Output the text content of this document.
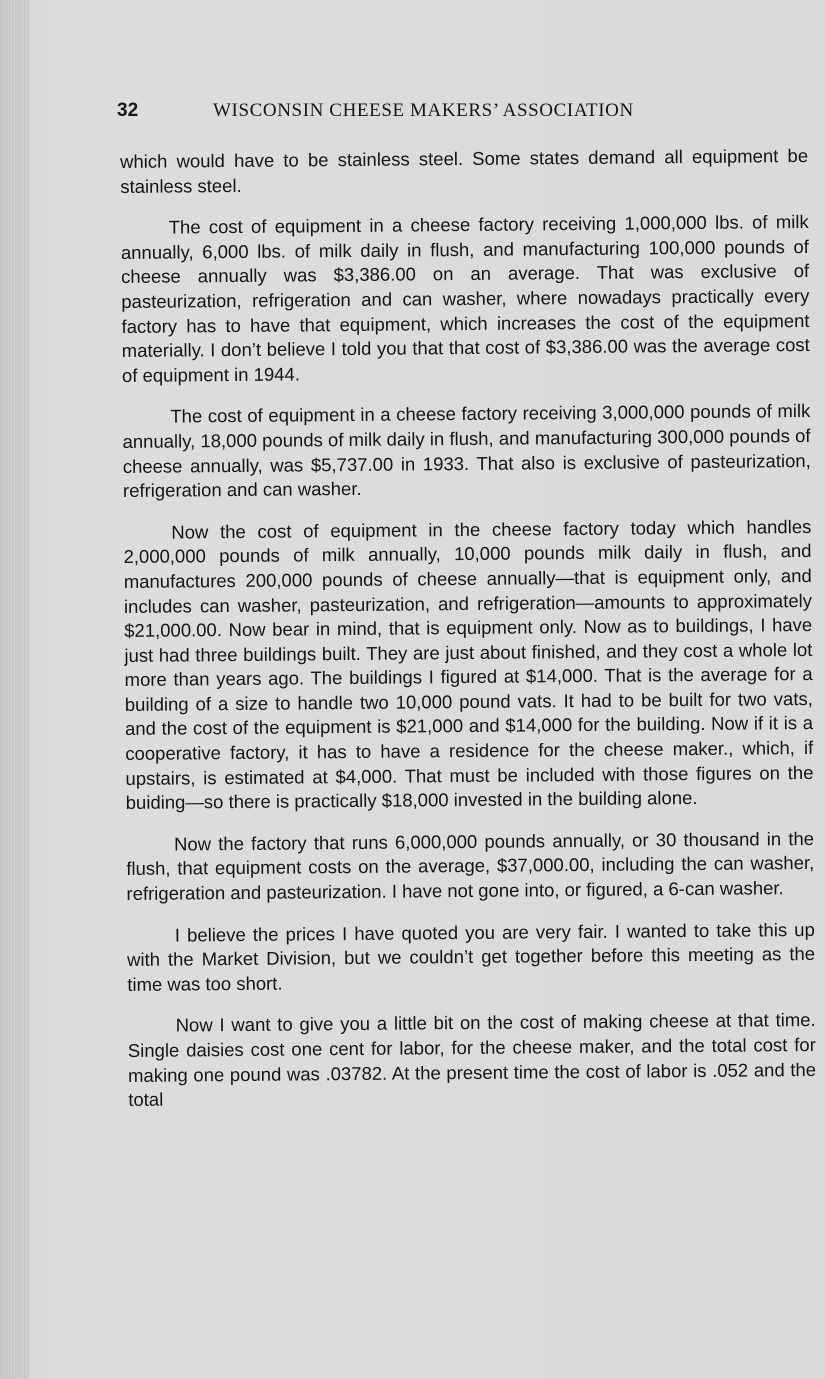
32	WISCONSIN CHEESE MAKERS’ ASSOCIATION

which would have to be stainless steel. Some states demand all equipment be stainless steel.

The cost of equipment in a cheese factory receiving 1,000,000 lbs. of milk annually, 6,000 lbs. of milk daily in flush, and manufacturing 100,000 pounds of cheese annually was $3,386.00 on an average. That was exclusive of pasteurization, refrigeration and can washer, where nowadays practically every factory has to have that equipment, which increases the cost of the equipment materially. I don’t believe I told you that that cost of $3,386.00 was the average cost of equipment in 1944.

The cost of equipment in a cheese factory receiving 3,000,000 pounds of milk annually, 18,000 pounds of milk daily in flush, and manufacturing 300,000 pounds of cheese annually, was $5,737.00 in 1933. That also is exclusive of pasteurization, refrigeration and can washer.

Now the cost of equipment in the cheese factory today which handles 2,000,000 pounds of milk annually, 10,000 pounds milk daily in flush, and manufactures 200,000 pounds of cheese annually—that is equipment only, and includes can washer, pasteurization, and refrigeration—amounts to approximately $21,000.00. Now bear in mind, that is equipment only. Now as to buildings, I have just had three buildings built. They are just about finished, and they cost a whole lot more than years ago. The buildings I figured at $14,000. That is the average for a building of a size to handle two 10,000 pound vats. It had to be built for two vats, and the cost of the equipment is $21,000 and $14,000 for the building. Now if it is a cooperative factory, it has to have a residence for the cheese maker., which, if upstairs, is estimated at $4,000. That must be included with those figures on the buiding—so there is practically $18,000 invested in the building alone.

Now the factory that runs 6,000,000 pounds annually, or 30 thousand in the flush, that equipment costs on the average, $37,000.00, including the can washer, refrigeration and pasteurization. I have not gone into, or figured, a 6-can washer.

I believe the prices I have quoted you are very fair. I wanted to take this up with the Market Division, but we couldn’t get together before this meeting as the time was too short.

Now I want to give you a little bit on the cost of making cheese at that time. Single daisies cost one cent for labor, for the cheese maker, and the total cost for making one pound was .03782. At the present time the cost of labor is .052 and the total
